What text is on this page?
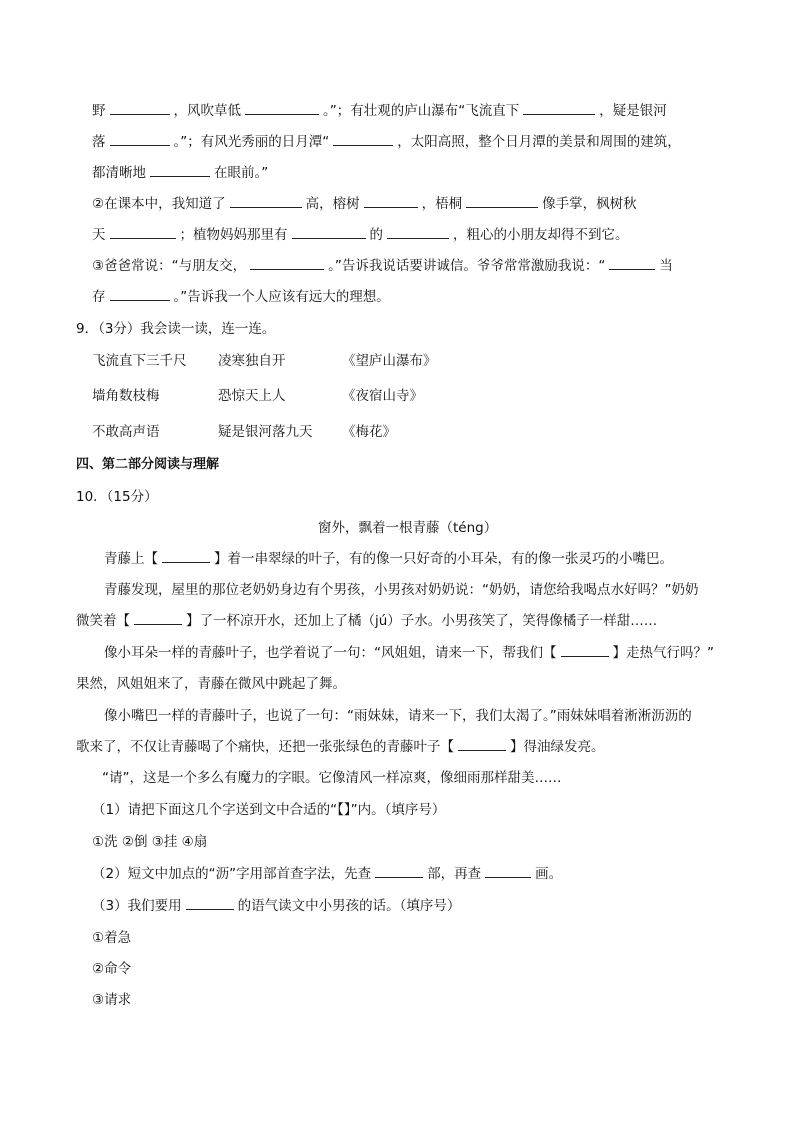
野	，风吹草低	。”；有壮观的庐山瀑布“飞流直下	，疑是银河
落	。”；有风光秀丽的日月潭“	，太阳高照，整个日月潭的美景和周围的建筑，
都清晰地	在眼前。”
②在课本中，我知道了	高，榕树	，梧桐	像手掌，枫树秋
天	；植物妈妈那里有	的	，粗心的小朋友却得不到它。
③爸爸常说：“与朋友交，	。”告诉我说话要讲诚信。爷爷常常激励我说：“	当
存	。”告诉我一个人应该有远大的理想。
9．（3分）我会读一读，连一连。
飞流直下三千尺 凌寒独自开	《望庐山瀑布》
墙角数枝梅	恐惊天上人	《夜宿山寺》
不敢高声语	疑是银河落九天 《梅花》
四、第二部分阅读与理解
10．（15分）
窗外，飘着一根青藤（téng）
青藤上【	】着一串翠绿的叶子，有的像一只好奇的小耳朵，有的像一张灵巧的小嘴巴。
青藤发现，屋里的那位老奶奶身边有个男孩，小男孩对奶奶说：“奶奶，请您给我喝点水好吗？”奶奶
微笑着【	】了一杯凉开水，还加上了橘（jú）子水。小男孩笑了，笑得像橘子一样甜……
像小耳朵一样的青藤叶子，也学着说了一句：“风姐姐，请来一下，帮我们【	】走热气行吗？”
果然，风姐姐来了，青藤在微风中跳起了舞。
像小嘴巴一样的青藤叶子，也说了一句：“雨妹妹，请来一下，我们太渴了。”雨妹妹唱着淅淅沥沥的
歌来了，不仅让青藤喝了个痛快，还把一张张绿色的青藤叶子【	】得油绿发亮。
“请”，这是一个多么有魔力的字眼。它像清风一样凉爽，像细雨那样甜美……
（1）请把下面这几个字送到文中合适的“【】”内。（填序号）
①洗 ②倒 ③挂 ④扇
（2）短文中加点的“沥”字用部首查字法，先查	部，再查	画。
（3）我们要用	的语气读文中小男孩的话。（填序号）
①着急
②命令
③请求
